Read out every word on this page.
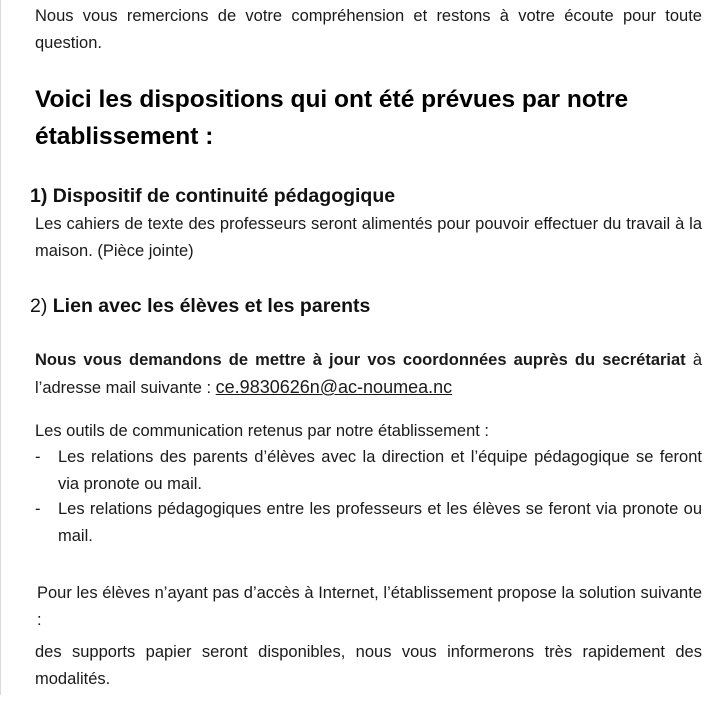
Nous vous remercions de votre compréhension et restons à votre écoute pour toute question.

Voici les dispositions qui ont été prévues par notre établissement :
1) Dispositif de continuité pédagogique

Les cahiers de texte des professeurs seront alimentés pour pouvoir effectuer du travail à la maison. (Pièce jointe)

2) Lien avec les élèves et les parents

Nous vous demandons de mettre à jour vos coordonnées auprès du secrétariat à l’adresse mail suivante : ce.9830626n@ac-noumea.nc

Les outils de communication retenus par notre établissement :

- Les relations des parents d’élèves avec la direction et l’équipe pédagogique se feront via pronote ou mail.
- Les relations pédagogiques entre les professeurs et les élèves se feront via pronote ou mail.

Pour les élèves n’ayant pas d’accès à Internet, l’établissement propose la solution suivante :

des supports papier seront disponibles, nous vous informerons très rapidement des modalités.
